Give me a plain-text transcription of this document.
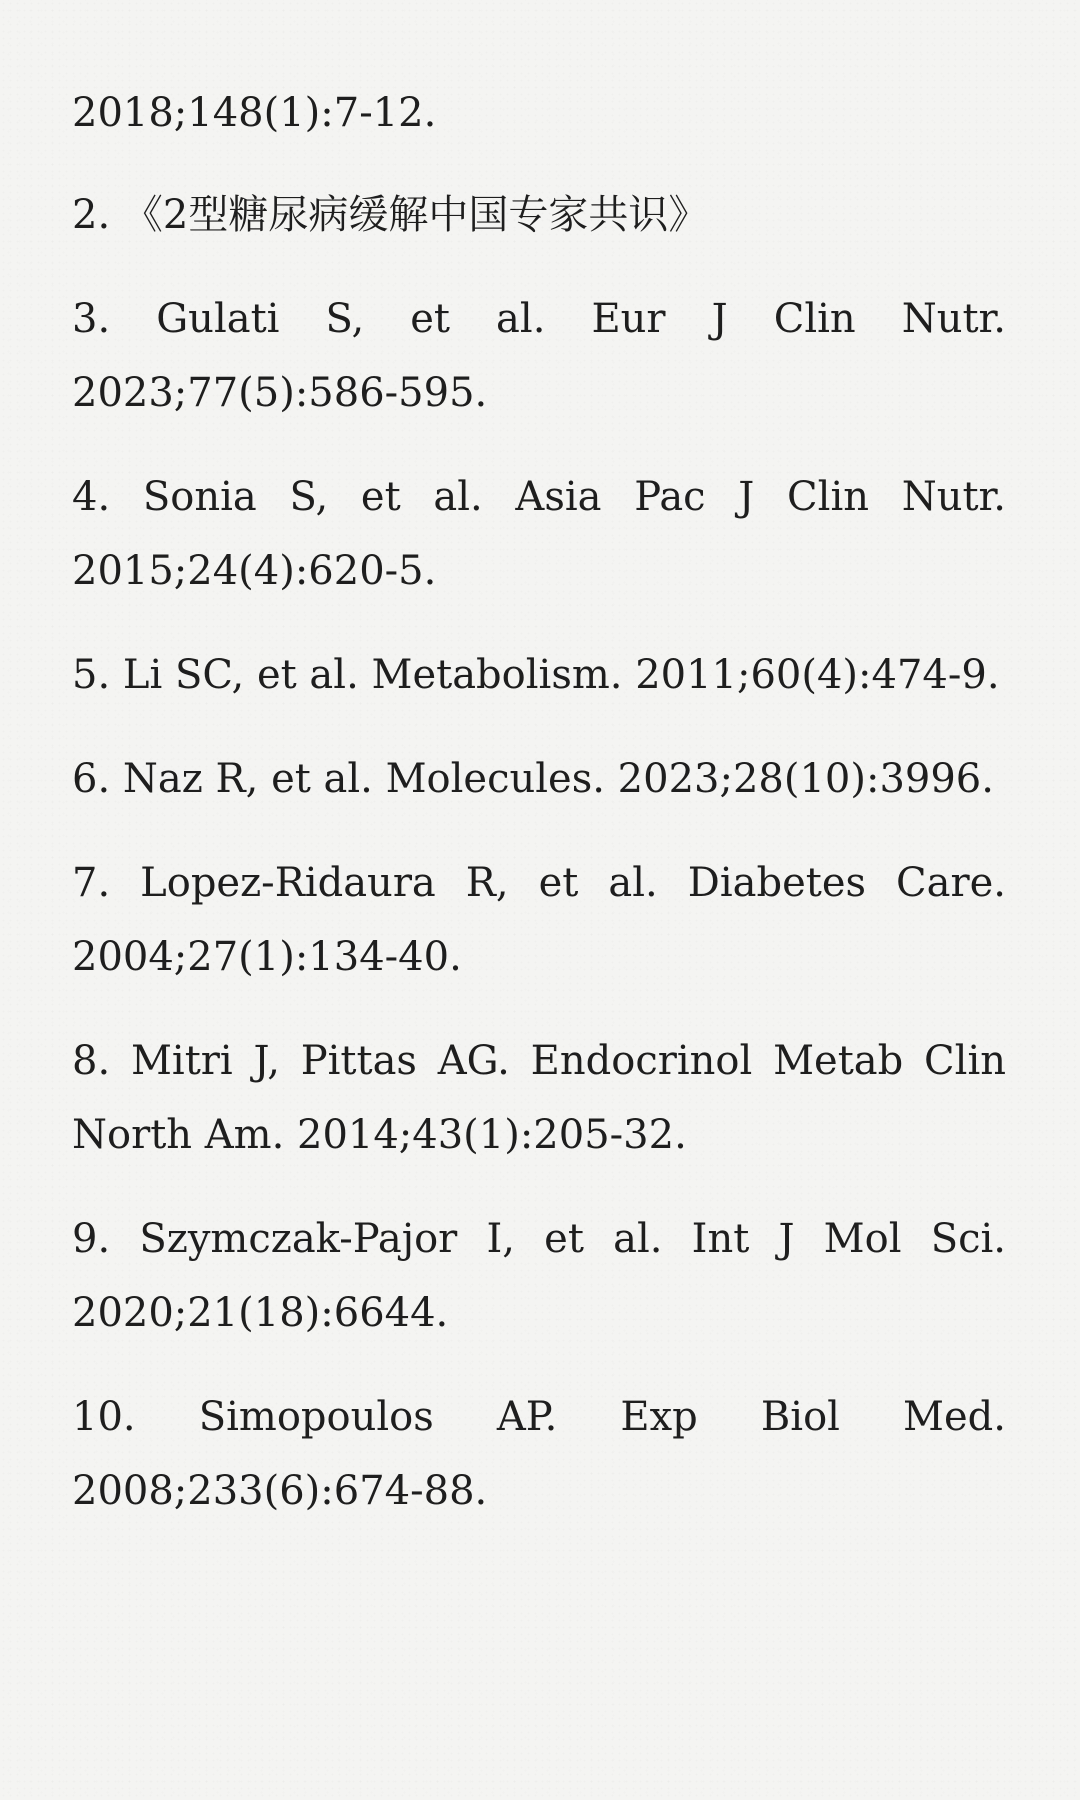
2018;148(1):7-12.
2. 《2型糖尿病缓解中国专家共识》
3. Gulati S, et al. Eur J Clin Nutr. 2023;77(5):586-595.
4. Sonia S, et al. Asia Pac J Clin Nutr. 2015;24(4):620-5.
5. Li SC, et al. Metabolism. 2011;60(4):474-9.
6. Naz R, et al. Molecules. 2023;28(10):3996.
7. Lopez-Ridaura R, et al. Diabetes Care. 2004;27(1):134-40.
8. Mitri J, Pittas AG. Endocrinol Metab Clin North Am. 2014;43(1):205-32.
9. Szymczak-Pajor I, et al. Int J Mol Sci. 2020;21(18):6644.
10. Simopoulos AP. Exp Biol Med. 2008;233(6):674-88.
